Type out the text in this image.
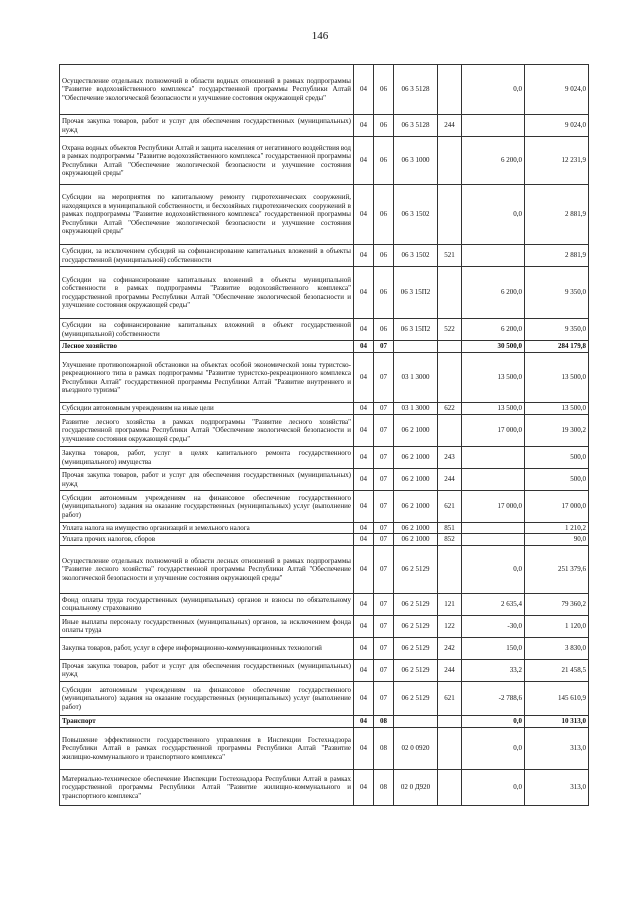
146
Осуществление отдельных полномочий в области водных отношений в рамках подпрограммы "Развитие водохозяйственного комплекса" государственной программы Республики Алтай "Обеспечение экологической безопасности и улучшение состояния окружающей среды"	04	06	06 3 5128		0,0	9 024,0
Прочая закупка товаров, работ и услуг для обеспечения государственных (муниципальных) нужд	04	06	06 3 5128	244		9 024,0
Охрана водных объектов Республики Алтай и защита населения от негативного воздействия вод в рамках подпрограммы "Развитие водохозяйственного комплекса" государственной программы Республики Алтай "Обеспечение экологической безопасности и улучшение состояния окружающей среды"	04	06	06 3 1000		6 200,0	12 231,9
Субсидии на мероприятия по капитальному ремонту гидротехнических сооружений, находящихся в муниципальной собственности, и бесхозяйных гидротехнических сооружений в рамках подпрограммы "Развитие водохозяйственного комплекса" государственной программы Республики Алтай "Обеспечение экологической безопасности и улучшение состояния окружающей среды"	04	06	06 3 1502		0,0	2 881,9
Субсидии, за исключением субсидий на софинансирование капитальных вложений в объекты государственной (муниципальной) собственности	04	06	06 3 1502	521		2 881,9
Субсидии на софинансирование капитальных вложений в объекты муниципальной собственности в рамках подпрограммы "Развитие водохозяйственного комплекса" государственной программы Республики Алтай "Обеспечение экологической безопасности и улучшение состояния окружающей среды"	04	06	06 3 15П2		6 200,0	9 350,0
Субсидии на софинансирование капитальных вложений в объект государственной (муниципальной) собственности	04	06	06 3 15П2	522	6 200,0	9 350,0
Лесное хозяйство	04	07			30 500,0	284 179,8
Улучшение противопожарной обстановки на объектах особой экономической зоны туристско-рекреационного типа в рамках подпрограммы "Развитие туристско-рекреационного комплекса Республики Алтай" государственной программы Республики Алтай "Развитие внутреннего и въездного туризма"	04	07	03 1 3000		13 500,0	13 500,0
Субсидии автономным учреждениям на иные цели	04	07	03 1 3000	622	13 500,0	13 500,0
Развитие лесного хозяйства в рамках подпрограммы "Развитие лесного хозяйства" государственной программы Республики Алтай "Обеспечение экологической безопасности и улучшение состояния окружающей среды"	04	07	06 2 1000		17 000,0	19 300,2
Закупка товаров, работ, услуг в целях капитального ремонта государственного (муниципального) имущества	04	07	06 2 1000	243		500,0
Прочая закупка товаров, работ и услуг для обеспечения государственных (муниципальных) нужд	04	07	06 2 1000	244		500,0
Субсидии автономным учреждениям на финансовое обеспечение государственного (муниципального) задания на оказание государственных (муниципальных) услуг (выполнение работ)	04	07	06 2 1000	621	17 000,0	17 000,0
Уплата налога на имущество организаций и земельного налога	04	07	06 2 1000	851		1 210,2
Уплата прочих налогов, сборов	04	07	06 2 1000	852		90,0
Осуществление отдельных полномочий в области лесных отношений в рамках подпрограммы "Развитие лесного хозяйства" государственной программы Республики Алтай "Обеспечение экологической безопасности и улучшение состояния окружающей среды"	04	07	06 2 5129		0,0	251 379,6
Фонд оплаты труда государственных (муниципальных) органов и взносы по обязательному социальному страхованию	04	07	06 2 5129	121	2 635,4	79 360,2
Иные выплаты персоналу государственных (муниципальных) органов, за исключением фонда оплаты труда	04	07	06 2 5129	122	-30,0	1 120,0
Закупка товаров, работ, услуг в сфере информационно-коммуникационных технологий	04	07	06 2 5129	242	150,0	3 830,0
Прочая закупка товаров, работ и услуг для обеспечения государственных (муниципальных) нужд	04	07	06 2 5129	244	33,2	21 458,5
Субсидии автономным учреждениям на финансовое обеспечение государственного (муниципального) задания на оказание государственных (муниципальных) услуг (выполнение работ)	04	07	06 2 5129	621	-2 788,6	145 610,9
Транспорт	04	08			0,0	10 313,0
Повышение эффективности государственного управления в Инспекции Гостехнадзора Республики Алтай в рамках государственной программы Республики Алтай "Развитие жилищно-коммунального и транспортного комплекса"	04	08	02 0 0920		0,0	313,0
Материально-техническое обеспечение Инспекции Гостехнадзора Республики Алтай в рамках государственной программы Республики Алтай "Развитие жилищно-коммунального и транспортного комплекса"	04	08	02 0 Д920		0,0	313,0
